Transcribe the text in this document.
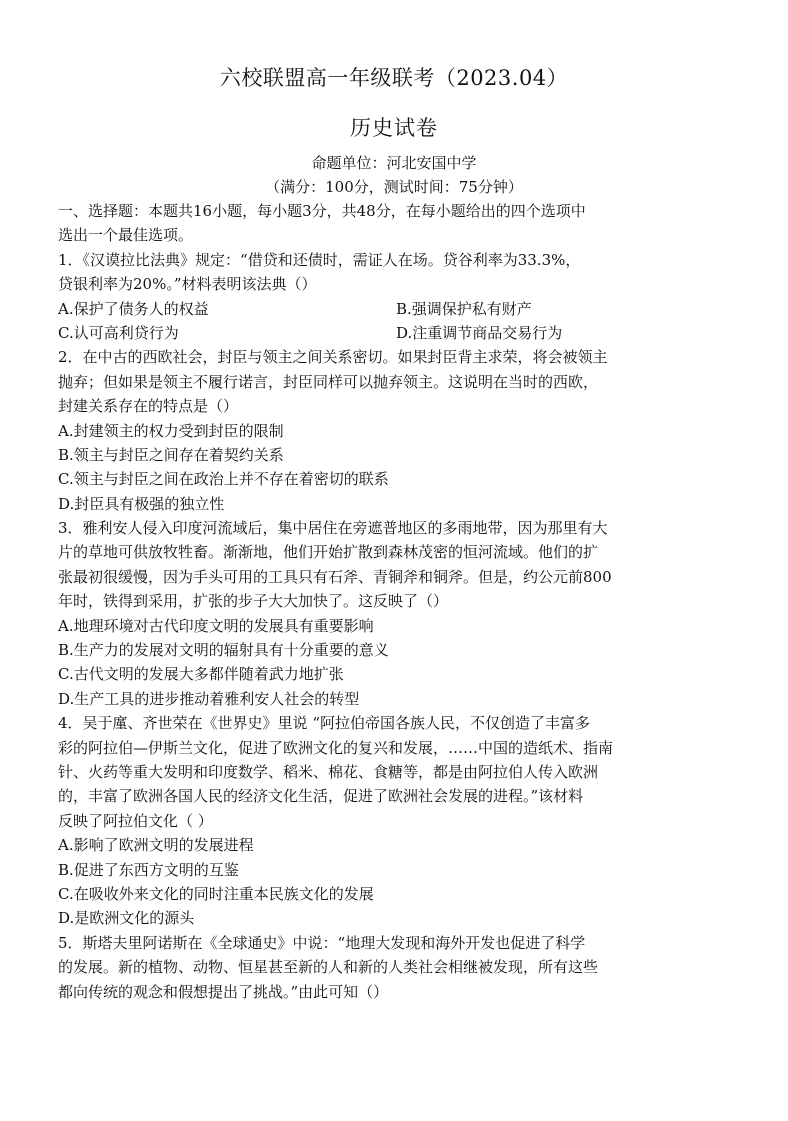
六校联盟高一年级联考（2023.04）
历史试卷
命题单位：河北安国中学
（满分：100分，测试时间：75分钟）
一、选择题：本题共16小题，每小题3分，共48分，在每小题给出的四个选项中
选出一个最佳选项。
1．《汉谟拉比法典》规定：“借贷和还债时，需证人在场。贷谷利率为33.3%，
贷银利率为20%。”材料表明该法典（）
A.保护了债务人的权益	B.强调保护私有财产
C.认可高利贷行为	D.注重调节商品交易行为
2．在中古的西欧社会，封臣与领主之间关系密切。如果封臣背主求荣，将会被领主
抛弃；但如果是领主不履行诺言，封臣同样可以抛弃领主。这说明在当时的西欧，
封建关系存在的特点是（）
A.封建领主的权力受到封臣的限制
B.领主与封臣之间存在着契约关系
C.领主与封臣之间在政治上并不存在着密切的联系
D.封臣具有极强的独立性
3．雅利安人侵入印度河流域后，集中居住在旁遮普地区的多雨地带，因为那里有大
片的草地可供放牧牲畜。渐渐地，他们开始扩散到森林茂密的恒河流域。他们的扩
张最初很缓慢，因为手头可用的工具只有石斧、青铜斧和铜斧。但是，约公元前800
年时，铁得到采用，扩张的步子大大加快了。这反映了（）
A.地理环境对古代印度文明的发展具有重要影响
B.生产力的发展对文明的辐射具有十分重要的意义
C.古代文明的发展大多都伴随着武力地扩张
D.生产工具的进步推动着雅利安人社会的转型
4．吴于廑、齐世荣在《世界史》里说 “阿拉伯帝国各族人民，不仅创造了丰富多
彩的阿拉伯—伊斯兰文化，促进了欧洲文化的复兴和发展，……中国的造纸术、指南
针、火药等重大发明和印度数学、稻米、棉花、食糖等，都是由阿拉伯人传入欧洲
的，丰富了欧洲各国人民的经济文化生活，促进了欧洲社会发展的进程。”该材料
反映了阿拉伯文化（ ）
A.影响了欧洲文明的发展进程
B.促进了东西方文明的互鉴
C.在吸收外来文化的同时注重本民族文化的发展
D.是欧洲文化的源头
5．斯塔夫里阿诺斯在《全球通史》中说：“地理大发现和海外开发也促进了科学
的发展。新的植物、动物、恒星甚至新的人和新的人类社会相继被发现，所有这些
都向传统的观念和假想提出了挑战。”由此可知（）
